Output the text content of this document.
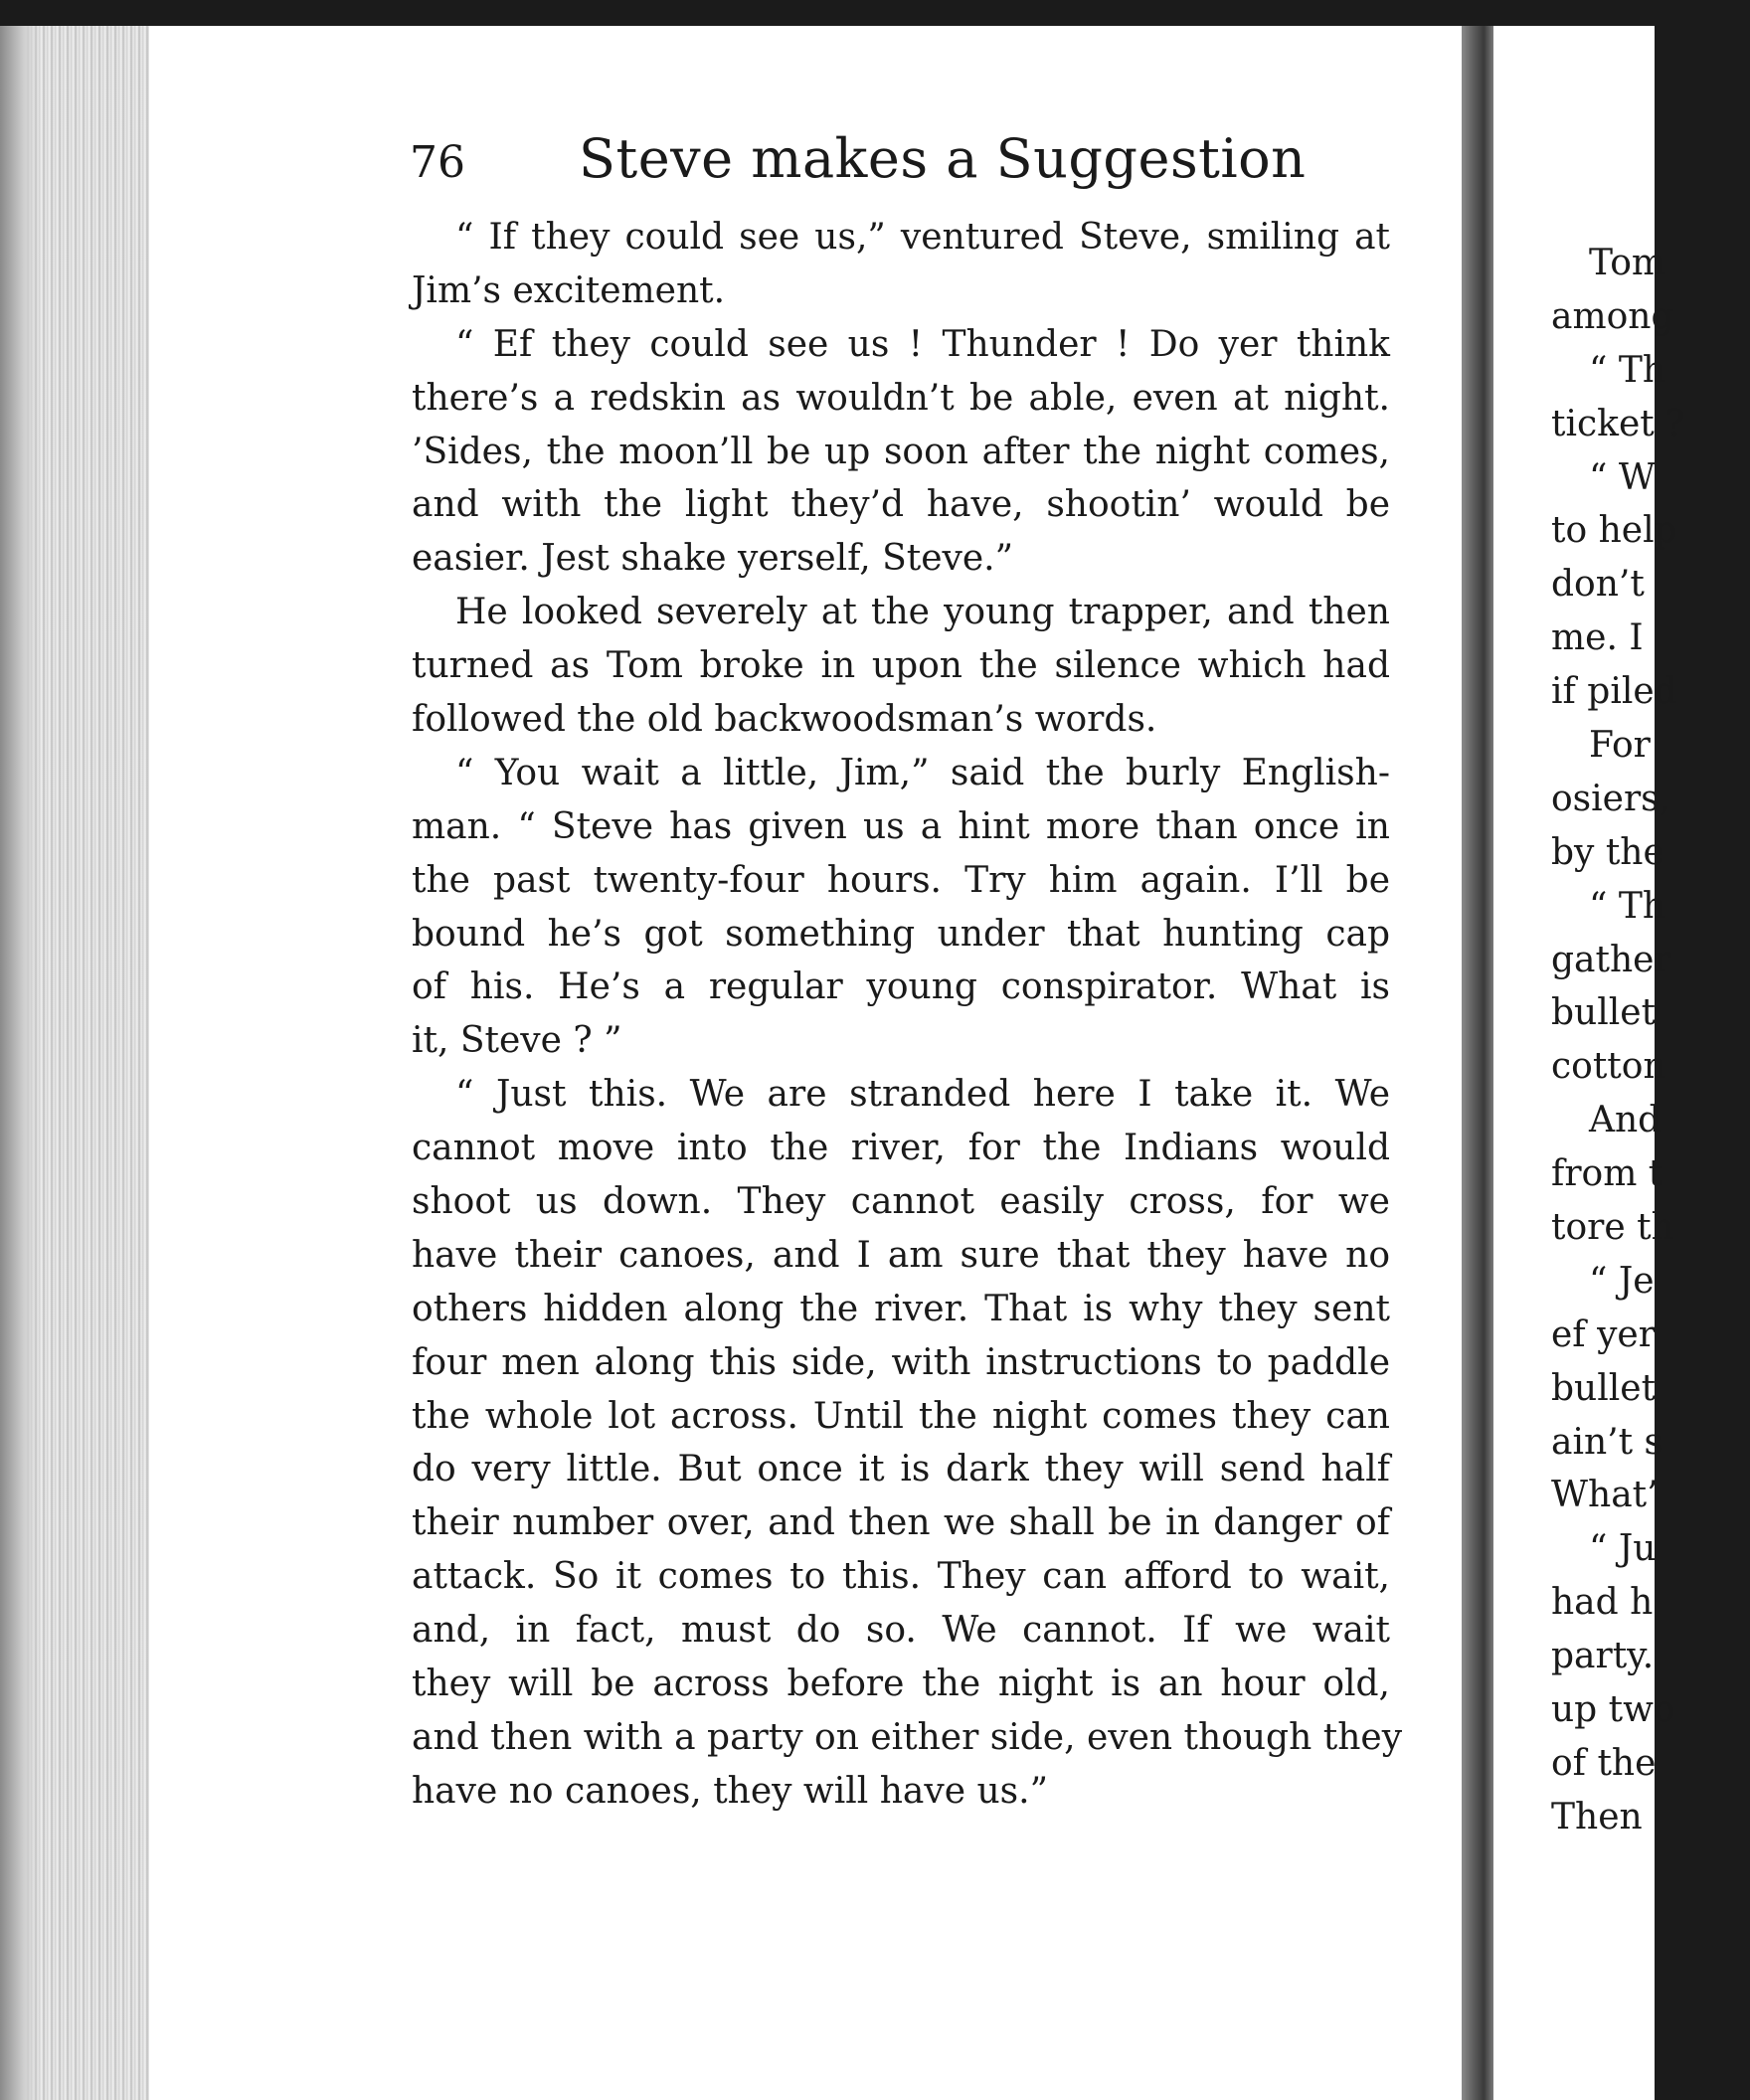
Tom
among
“ Th
ticket ?
“ W
to help
don’t
me. I
if piled
For
osiers,
by the
“ Th
gather
bullet
cotton
And
from t
tore th
“ Je
ef yer
bullet
ain’t s
What’
“ Ju
had h
party.
up two
of the
Then
76 Steve makes a Suggestion
“ If they could see us,” ventured Steve, smiling at
Jim’s excitement.
“ Ef they could see us ! Thunder ! Do yer think
there’s a redskin as wouldn’t be able, even at night.
’Sides, the moon’ll be up soon after the night comes,
and with the light they’d have, shootin’ would be
easier. Jest shake yerself, Steve.”
He looked severely at the young trapper, and then
turned as Tom broke in upon the silence which had
followed the old backwoodsman’s words.
“ You wait a little, Jim,” said the burly English-
man. “ Steve has given us a hint more than once in
the past twenty-four hours. Try him again. I’ll be
bound he’s got something under that hunting cap
of his. He’s a regular young conspirator. What is
it, Steve ? ”
“ Just this. We are stranded here I take it. We
cannot move into the river, for the Indians would
shoot us down. They cannot easily cross, for we
have their canoes, and I am sure that they have no
others hidden along the river. That is why they sent
four men along this side, with instructions to paddle
the whole lot across. Until the night comes they can
do very little. But once it is dark they will send half
their number over, and then we shall be in danger of
attack. So it comes to this. They can afford to wait,
and, in fact, must do so. We cannot. If we wait
they will be across before the night is an hour old,
and then with a party on either side, even though they
have no canoes, they will have us.”
